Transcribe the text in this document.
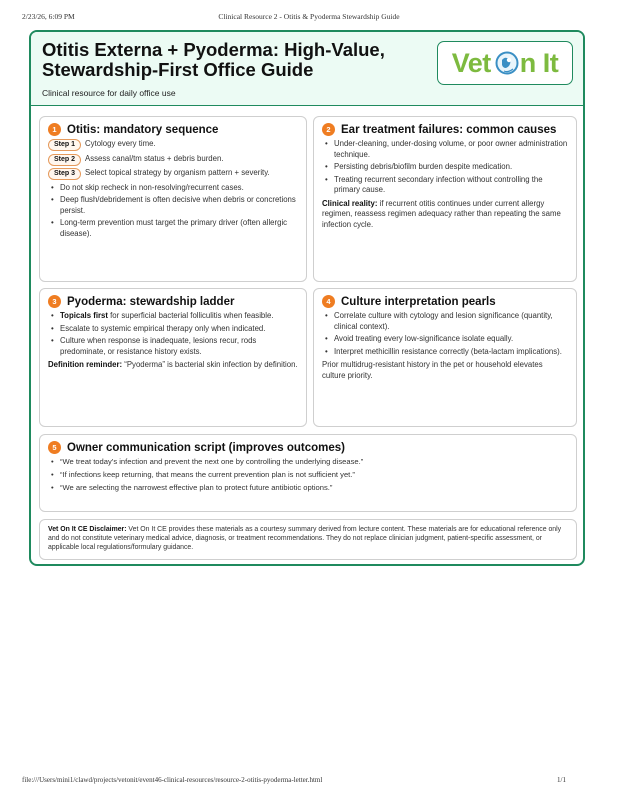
2/23/26, 6:09 PM	Clinical Resource 2 - Otitis & Pyoderma Stewardship Guide
Otitis Externa + Pyoderma: High-Value, Stewardship-First Office Guide
Clinical resource for daily office use
Vet n It
1 Otitis: mandatory sequence
Step 1 Cytology every time.
Step 2 Assess canal/tm status + debris burden.
Step 3 Select topical strategy by organism pattern + severity.
• Do not skip recheck in non-resolving/recurrent cases.
• Deep flush/debridement is often decisive when debris or concretions persist.
• Long-term prevention must target the primary driver (often allergic disease).
2 Ear treatment failures: common causes
• Under-cleaning, under-dosing volume, or poor owner administration technique.
• Persisting debris/biofilm burden despite medication.
• Treating recurrent secondary infection without controlling the primary cause.

Clinical reality: if recurrent otitis continues under current allergy regimen, reassess regimen adequacy rather than repeating the same infection cycle.

3 Pyoderma: stewardship ladder
• Topicals first for superficial bacterial folliculitis when feasible.
• Escalate to systemic empirical therapy only when indicated.
• Culture when response is inadequate, lesions recur, rods predominate, or resistance history exists.

Definition reminder: “Pyoderma” is bacterial skin infection by definition.

4 Culture interpretation pearls
• Correlate culture with cytology and lesion significance (quantity, clinical context).
• Avoid treating every low-significance isolate equally.
• Interpret methicillin resistance correctly (beta-lactam implications).

Prior multidrug-resistant history in the pet or household elevates culture priority.

5 Owner communication script (improves outcomes)
• “We treat today’s infection and prevent the next one by controlling the underlying disease.”
• “If infections keep returning, that means the current prevention plan is not sufficient yet.”
• “We are selecting the narrowest effective plan to protect future antibiotic options.”
Vet On It CE Disclaimer: Vet On It CE provides these materials as a courtesy summary derived from lecture content. These materials are for educational reference only and do not constitute veterinary medical advice, diagnosis, or treatment recommendations. They do not replace clinician judgment, patient-specific assessment, or applicable local regulations/formulary guidance.
file:///Users/mini1/clawd/projects/vetonit/event46-clinical-resources/resource-2-otitis-pyoderma-letter.html	1/1
